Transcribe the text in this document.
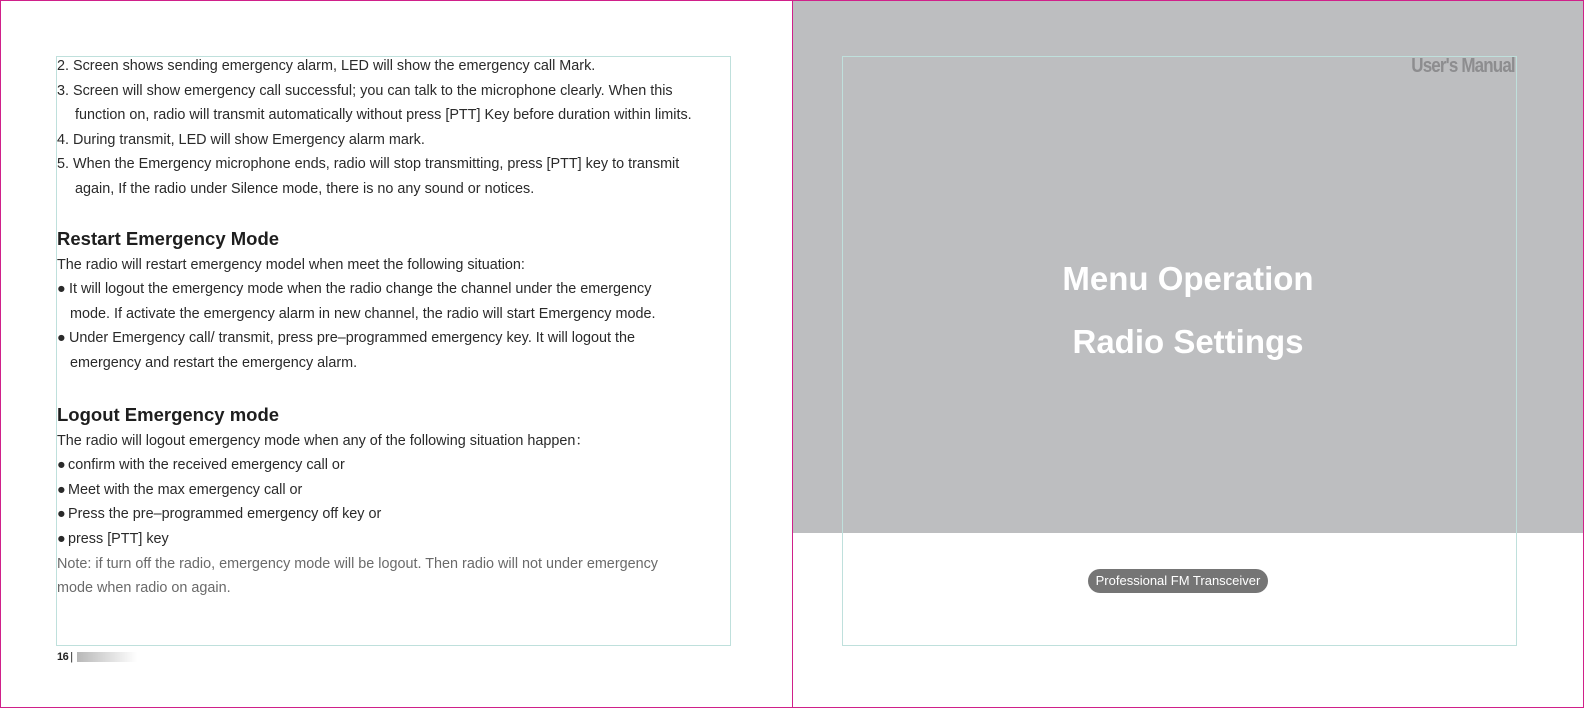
2. Screen shows sending emergency alarm, LED will show the emergency call Mark.
3. Screen will show emergency call successful; you can talk to the microphone clearly. When this
function on, radio will transmit automatically without press [PTT] Key before duration within limits.
4. During transmit, LED will show Emergency alarm mark.
5. When the Emergency microphone ends, radio will stop transmitting, press [PTT] key to transmit
again, If the radio under Silence mode, there is no any sound or notices.
Restart Emergency Mode
The radio will restart emergency model when meet the following situation:
● It will logout the emergency mode when the radio change the channel under the emergency
mode. If activate the emergency alarm in new channel, the radio will start Emergency mode.
● Under Emergency call/ transmit, press pre–programmed emergency key. It will logout the
emergency and restart the emergency alarm.
Logout Emergency mode
The radio will logout emergency mode when any of the following situation happen：
● confirm with the received emergency call or
● Meet with the max emergency call or
● Press the pre–programmed emergency off key or
● press [PTT] key
Note: if turn off the radio, emergency mode will be logout. Then radio will not under emergency
mode when radio on again.
16 |
User's Manual
Menu Operation
Radio Settings
Professional FM Transceiver
